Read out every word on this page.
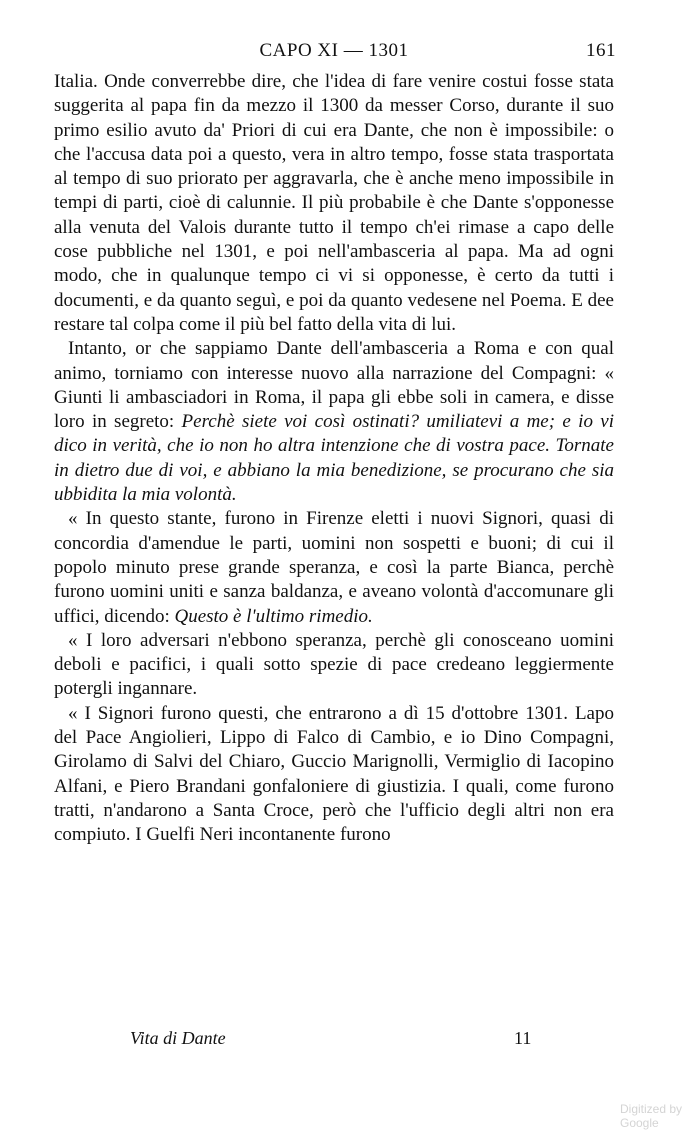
CAPO XI — 1301	161

Italia. Onde converrebbe dire, che l'idea di fare venire costui fosse stata suggerita al papa fin da mezzo il 1300 da messer Corso, durante il suo primo esilio avuto da' Priori di cui era Dante, che non è impossibile: o che l'accusa data poi a questo, vera in altro tempo, fosse stata trasportata al tempo di suo priorato per aggravarla, che è anche meno impossibile in tempi di parti, cioè di calunnie. Il più probabile è che Dante s'opponesse alla venuta del Valois durante tutto il tempo ch'ei rimase a capo delle cose pubbliche nel 1301, e poi nell'ambasceria al papa. Ma ad ogni modo, che in qualunque tempo ci vi si opponesse, è certo da tutti i documenti, e da quanto seguì, e poi da quanto vedesene nel Poema. E dee restare tal colpa come il più bel fatto della vita di lui.

Intanto, or che sappiamo Dante dell'ambasceria a Roma e con qual animo, torniamo con interesse nuovo alla narrazione del Compagni: « Giunti li ambasciadori in Roma, il papa gli ebbe soli in camera, e disse loro in segreto: Perchè siete voi così ostinati? umiliatevi a me; e io vi dico in verità, che io non ho altra intenzione che di vostra pace. Tornate in dietro due di voi, e abbiano la mia benedizione, se procurano che sia ubbidita la mia volontà.

« In questo stante, furono in Firenze eletti i nuovi Signori, quasi di concordia d'amendue le parti, uomini non sospetti e buoni; di cui il popolo minuto prese grande speranza, e così la parte Bianca, perchè furono uomini uniti e sanza baldanza, e aveano volontà d'accomunare gli uffici, dicendo: Questo è l'ultimo rimedio.

« I loro adversari n'ebbono speranza, perchè gli conosceano uomini deboli e pacifici, i quali sotto spezie di pace credeano leggiermente potergli ingannare.

« I Signori furono questi, che entrarono a dì 15 d'ottobre 1301. Lapo del Pace Angiolieri, Lippo di Falco di Cambio, e io Dino Compagni, Girolamo di Salvi del Chiaro, Guccio Marignolli, Vermiglio di Iacopino Alfani, e Piero Brandani gonfaloniere di giustizia. I quali, come furono tratti, n'andarono a Santa Croce, però che l'ufficio degli altri non era compiuto. I Guelfi Neri incontanente furono

Vita di Dante	11
Digitized by Google
